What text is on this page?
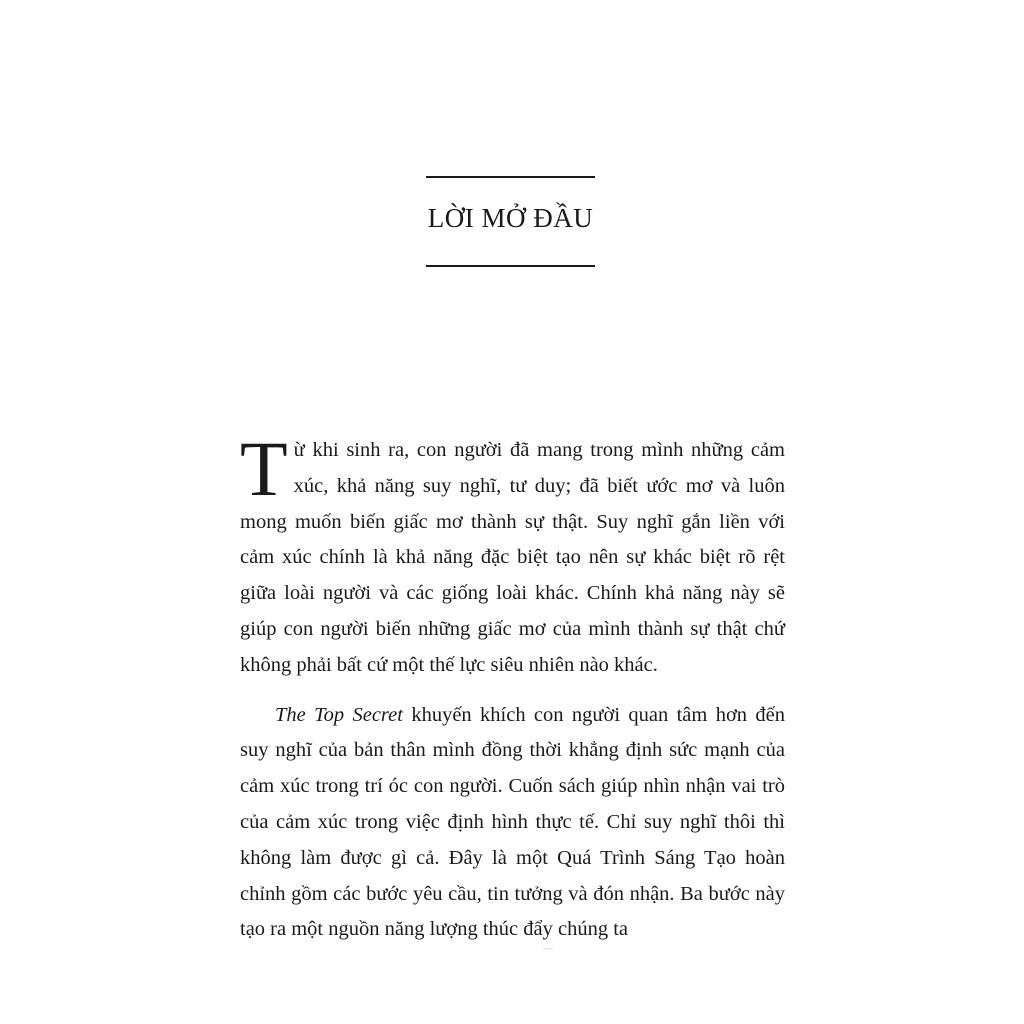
LỜI MỞ ĐẦU

Từ khi sinh ra, con người đã mang trong mình những cảm xúc, khả năng suy nghĩ, tư duy; đã biết ước mơ và luôn mong muốn biến giấc mơ thành sự thật. Suy nghĩ gắn liền với cảm xúc chính là khả năng đặc biệt tạo nên sự khác biệt rõ rệt giữa loài người và các giống loài khác. Chính khả năng này sẽ giúp con người biến những giấc mơ của mình thành sự thật chứ không phải bất cứ một thế lực siêu nhiên nào khác.

The Top Secret khuyến khích con người quan tâm hơn đến suy nghĩ của bản thân mình đồng thời khẳng định sức mạnh của cảm xúc trong trí óc con người. Cuốn sách giúp nhìn nhận vai trò của cảm xúc trong việc định hình thực tế. Chỉ suy nghĩ thôi thì không làm được gì cả. Đây là một Quá Trình Sáng Tạo hoàn chỉnh gồm các bước yêu cầu, tin tưởng và đón nhận. Ba bước này tạo ra một nguồn năng lượng thúc đẩy chúng ta
